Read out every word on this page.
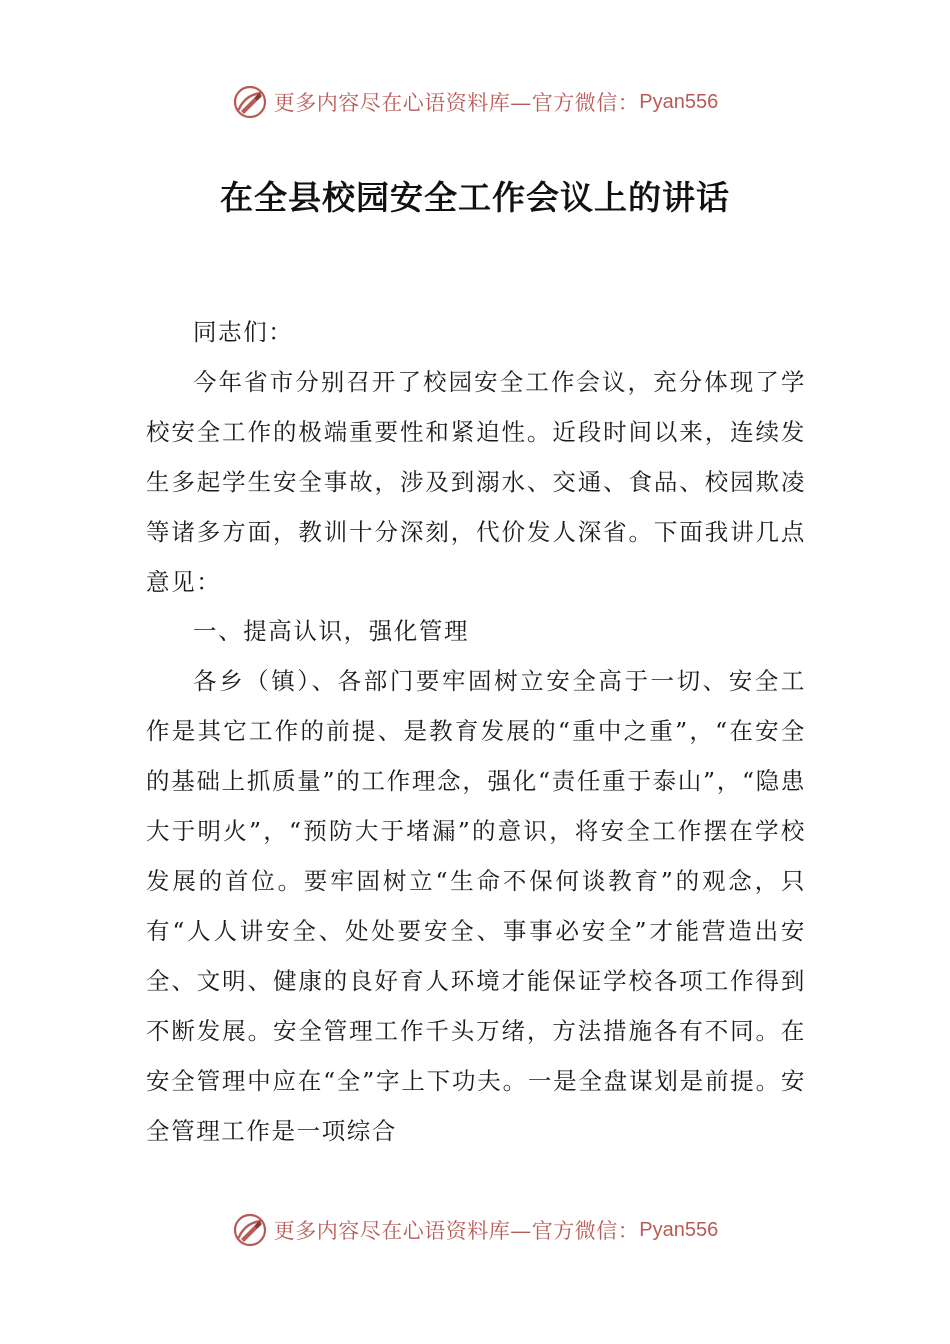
更多内容尽在心语资料库—官方微信： Pyan556
在全县校园安全工作会议上的讲话

同志们：

今年省市分别召开了校园安全工作会议，充分体现了学校安全工作的极端重要性和紧迫性。近段时间以来，连续发生多起学生安全事故，涉及到溺水、交通、食品、校园欺凌等诸多方面，教训十分深刻，代价发人深省。下面我讲几点意见：

一、提高认识，强化管理

各乡（镇）、各部门要牢固树立安全高于一切、安全工作是其它工作的前提、是教育发展的“重中之重”，“在安全的基础上抓质量”的工作理念，强化“责任重于泰山”，“隐患大于明火”，“预防大于堵漏”的意识，将安全工作摆在学校发展的首位。要牢固树立“生命不保何谈教育”的观念，只有“人人讲安全、处处要安全、事事必安全”才能营造出安全、文明、健康的良好育人环境才能保证学校各项工作得到不断发展。安全管理工作千头万绪，方法措施各有不同。在安全管理中应在“全”字上下功夫。一是全盘谋划是前提。安全管理工作是一项综合

更多内容尽在心语资料库—官方微信： Pyan556
